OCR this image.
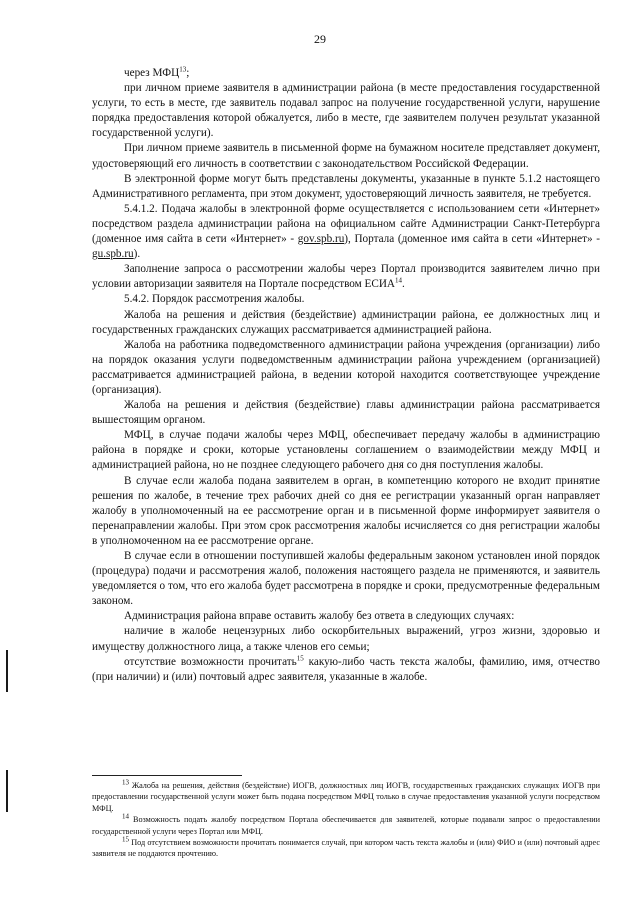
29

через МФЦ$^{13}$;

при личном приеме заявителя в администрации района (в месте предоставления государственной услуги, то есть в месте, где заявитель подавал запрос на получение государственной услуги, нарушение порядка предоставления которой обжалуется, либо в месте, где заявителем получен результат указанной государственной услуги).

При личном приеме заявитель в письменной форме на бумажном носителе представляет документ, удостоверяющий его личность в соответствии с законодательством Российской Федерации.

В электронной форме могут быть представлены документы, указанные в пункте 5.1.2 настоящего Административного регламента, при этом документ, удостоверяющий личность заявителя, не требуется.

5.4.1.2. Подача жалобы в электронной форме осуществляется с использованием сети «Интернет» посредством раздела администрации района на официальном сайте Администрации Санкт-Петербурга (доменное имя сайта в сети «Интернет» - gov.spb.ru), Портала (доменное имя сайта в сети «Интернет» - gu.spb.ru).

Заполнение запроса о рассмотрении жалобы через Портал производится заявителем лично при условии авторизации заявителя на Портале посредством ЕСИА$^{14}$.

5.4.2. Порядок рассмотрения жалобы.

Жалоба на решения и действия (бездействие) администрации района, ее должностных лиц и государственных гражданских служащих рассматривается администрацией района.

Жалоба на работника подведомственного администрации района учреждения (организации) либо на порядок оказания услуги подведомственным администрации района учреждением (организацией) рассматривается администрацией района, в ведении которой находится соответствующее учреждение (организация).

Жалоба на решения и действия (бездействие) главы администрации района рассматривается вышестоящим органом.

МФЦ, в случае подачи жалобы через МФЦ, обеспечивает передачу жалобы в администрацию района в порядке и сроки, которые установлены соглашением о взаимодействии между МФЦ и администрацией района, но не позднее следующего рабочего дня со дня поступления жалобы.

В случае если жалоба подана заявителем в орган, в компетенцию которого не входит принятие решения по жалобе, в течение трех рабочих дней со дня ее регистрации указанный орган направляет жалобу в уполномоченный на ее рассмотрение орган и в письменной форме информирует заявителя о перенаправлении жалобы. При этом срок рассмотрения жалобы исчисляется со дня регистрации жалобы в уполномоченном на ее рассмотрение органе.

В случае если в отношении поступившей жалобы федеральным законом установлен иной порядок (процедура) подачи и рассмотрения жалоб, положения настоящего раздела не применяются, и заявитель уведомляется о том, что его жалоба будет рассмотрена в порядке и сроки, предусмотренные федеральным законом.

Администрация района вправе оставить жалобу без ответа в следующих случаях:

наличие в жалобе нецензурных либо оскорбительных выражений, угроз жизни, здоровью и имуществу должностного лица, а также членов его семьи;

отсутствие возможности прочитать$^{15}$ какую-либо часть текста жалобы, фамилию, имя, отчество (при наличии) и (или) почтовый адрес заявителя, указанные в жалобе.

$^{13}$ Жалоба на решения, действия (бездействие) ИОГВ, должностных лиц ИОГВ, государственных гражданских служащих ИОГВ при предоставлении государственной услуги может быть подана посредством МФЦ только в случае предоставления указанной услуги посредством МФЦ.

$^{14}$ Возможность подать жалобу посредством Портала обеспечивается для заявителей, которые подавали запрос о предоставлении государственной услуги через Портал или МФЦ.

$^{15}$ Под отсутствием возможности прочитать понимается случай, при котором часть текста жалобы и (или) ФИО и (или) почтовый адрес заявителя не поддаются прочтению.
